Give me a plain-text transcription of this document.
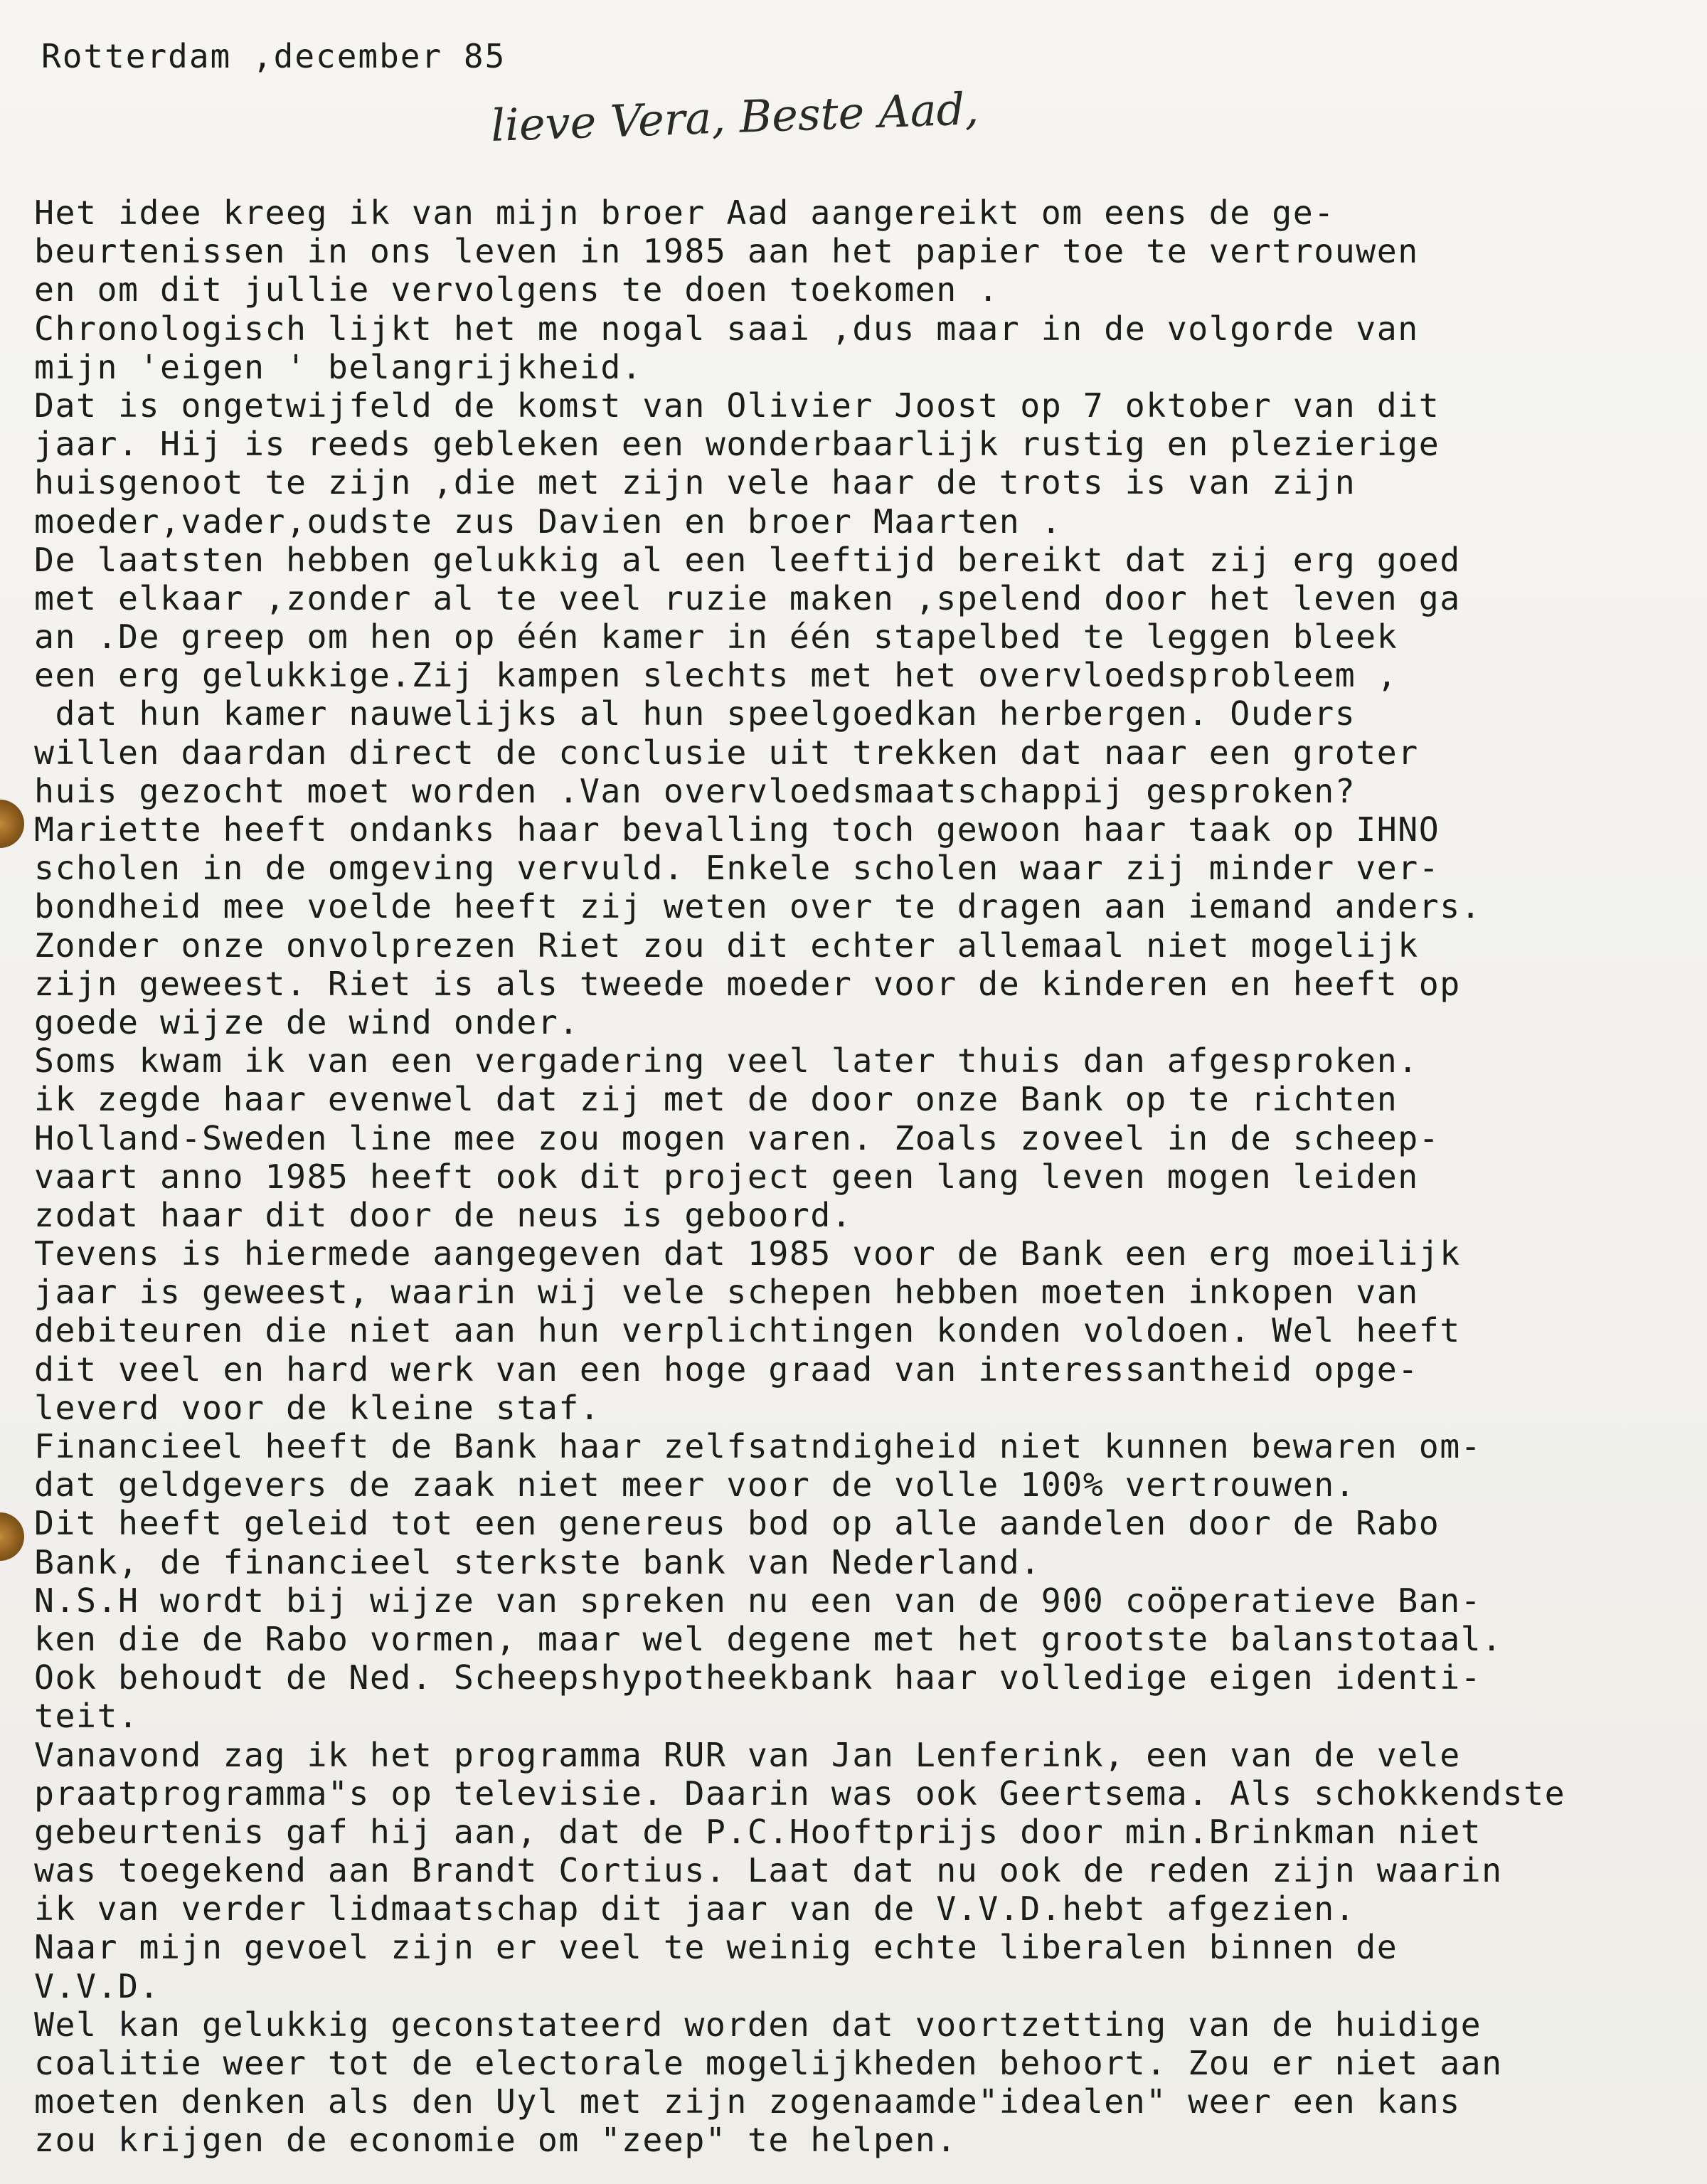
Rotterdam ,december 85
lieve Vera, Beste Aad,
Het idee kreeg ik van mijn broer Aad aangereikt om eens de ge-
beurtenissen in ons leven in 1985 aan het papier toe te vertrouwen
en om dit jullie vervolgens te doen toekomen .
Chronologisch lijkt het me nogal saai ,dus maar in de volgorde van
mijn 'eigen ' belangrijkheid.
Dat is ongetwijfeld de komst van Olivier Joost op 7 oktober van dit
jaar. Hij is reeds gebleken een wonderbaarlijk rustig en plezierige
huisgenoot te zijn ,die met zijn vele haar de trots is van zijn
moeder,vader,oudste zus Davien en broer Maarten .
De laatsten hebben gelukkig al een leeftijd bereikt dat zij erg goed
met elkaar ,zonder al te veel ruzie maken ,spelend door het leven ga
an .De greep om hen op één kamer in één stapelbed te leggen bleek
een erg gelukkige.Zij kampen slechts met het overvloedsprobleem ,
dat hun kamer nauwelijks al hun speelgoedkan herbergen. Ouders
willen daardan direct de conclusie uit trekken dat naar een groter
huis gezocht moet worden .Van overvloedsmaatschappij gesproken?
Mariette heeft ondanks haar bevalling toch gewoon haar taak op IHNO
scholen in de omgeving vervuld. Enkele scholen waar zij minder ver-
bondheid mee voelde heeft zij weten over te dragen aan iemand anders.
Zonder onze onvolprezen Riet zou dit echter allemaal niet mogelijk
zijn geweest. Riet is als tweede moeder voor de kinderen en heeft op
goede wijze de wind onder.
Soms kwam ik van een vergadering veel later thuis dan afgesproken.
ik zegde haar evenwel dat zij met de door onze Bank op te richten
Holland-Sweden line mee zou mogen varen. Zoals zoveel in de scheep-
vaart anno 1985 heeft ook dit project geen lang leven mogen leiden
zodat haar dit door de neus is geboord.
Tevens is hiermede aangegeven dat 1985 voor de Bank een erg moeilijk
jaar is geweest, waarin wij vele schepen hebben moeten inkopen van
debiteuren die niet aan hun verplichtingen konden voldoen. Wel heeft
dit veel en hard werk van een hoge graad van interessantheid opge-
leverd voor de kleine staf.
Financieel heeft de Bank haar zelfsatndigheid niet kunnen bewaren om-
dat geldgevers de zaak niet meer voor de volle 100% vertrouwen.
Dit heeft geleid tot een genereus bod op alle aandelen door de Rabo
Bank, de financieel sterkste bank van Nederland.
N.S.H wordt bij wijze van spreken nu een van de 900 coöperatieve Ban-
ken die de Rabo vormen, maar wel degene met het grootste balanstotaal.
Ook behoudt de Ned. Scheepshypotheekbank haar volledige eigen identi-
teit.
Vanavond zag ik het programma RUR van Jan Lenferink, een van de vele
praatprogramma"s op televisie. Daarin was ook Geertsema. Als schokkendste
gebeurtenis gaf hij aan, dat de P.C.Hooftprijs door min.Brinkman niet
was toegekend aan Brandt Cortius. Laat dat nu ook de reden zijn waarin
ik van verder lidmaatschap dit jaar van de V.V.D.hebt afgezien.
Naar mijn gevoel zijn er veel te weinig echte liberalen binnen de
V.V.D.
Wel kan gelukkig geconstateerd worden dat voortzetting van de huidige
coalitie weer tot de electorale mogelijkheden behoort. Zou er niet aan
moeten denken als den Uyl met zijn zogenaamde"idealen" weer een kans
zou krijgen de economie om "zeep" te helpen.
